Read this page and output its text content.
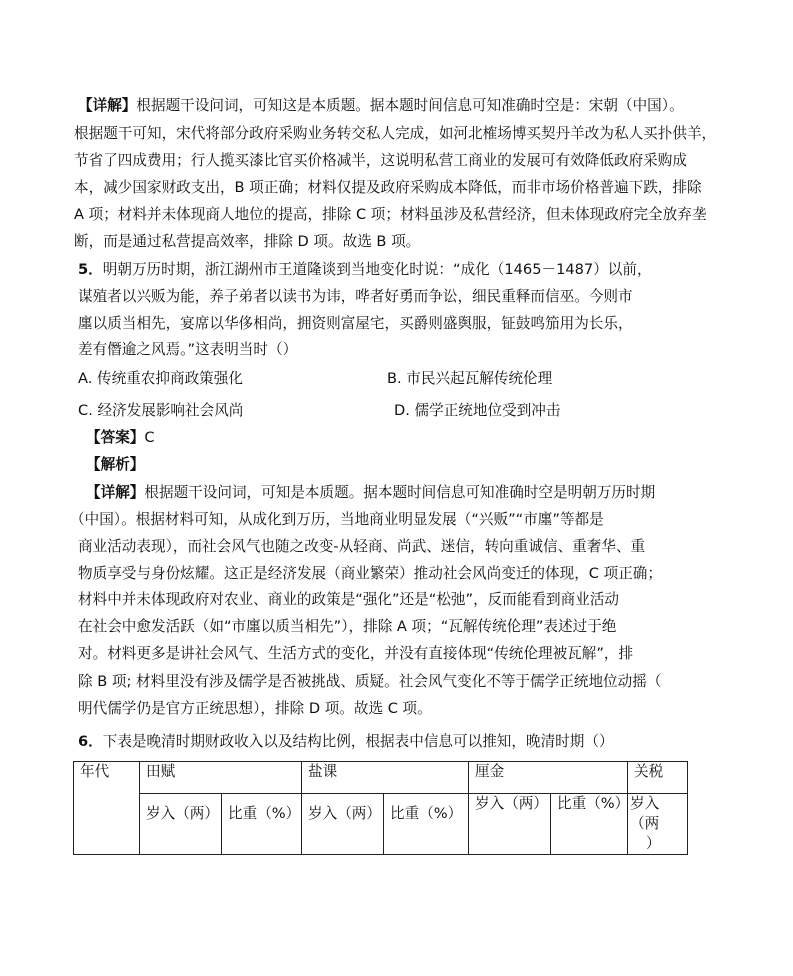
【详解】根据题干设问词，可知这是本质题。据本题时间信息可知准确时空是：宋朝（中国）。
根据题干可知，宋代将部分政府采购业务转交私人完成，如河北榷场博买契丹羊改为私人买扑供羊，
节省了四成费用；行人揽买漆比官买价格减半，这说明私营工商业的发展可有效降低政府采购成
本，减少国家财政支出，B 项正确；材料仅提及政府采购成本降低，而非市场价格普遍下跌，排除
A 项；材料并未体现商人地位的提高，排除 C 项；材料虽涉及私营经济，但未体现政府完全放弃垄
断，而是通过私营提高效率，排除 D 项。故选 B 项。
5．明朝万历时期，浙江湖州市王道隆谈到当地变化时说：“成化（1465－1487）以前，
谋殖者以兴贩为能，养子弟者以读书为讳，哗者好勇而争讼，细民重释而信巫。今则市
廛以质当相先，宴席以华侈相尚，拥资则富屋宅，买爵则盛舆服，钲鼓鸣笳用为长乐，
差有僭逾之风焉。”这表明当时（）
A. 传统重农抑商政策强化	B. 市民兴起瓦解传统伦理
C. 经济发展影响社会风尚	D. 儒学正统地位受到冲击
【答案】C
【解析】
【详解】根据题干设问词，可知是本质题。据本题时间信息可知准确时空是明朝万历时期
（中国）。根据材料可知，从成化到万历，当地商业明显发展（“兴贩”“市廛”等都是
商业活动表现），而社会风气也随之改变-从轻商、尚武、迷信，转向重诚信、重奢华、重
物质享受与身份炫耀。这正是经济发展（商业繁荣）推动社会风尚变迁的体现，C 项正确；
材料中并未体现政府对农业、商业的政策是“强化”还是“松弛”，反而能看到商业活动
在社会中愈发活跃（如“市廛以质当相先”），排除 A 项；“瓦解传统伦理”表述过于绝
对。材料更多是讲社会风气、生活方式的变化，并没有直接体现“传统伦理被瓦解”，排
除 B 项; 材料里没有涉及儒学是否被挑战、质疑。社会风气变化不等于儒学正统地位动摇（
明代儒学仍是官方正统思想），排除 D 项。故选 C 项。
6．下表是晚清时期财政收入以及结构比例，根据表中信息可以推知，晚清时期（）
年代	田赋		盐课		厘金		关税
	岁入（两）	比重（%）	岁入（两）	比重（%）	岁入（两）	比重（%）	岁入（两
）
